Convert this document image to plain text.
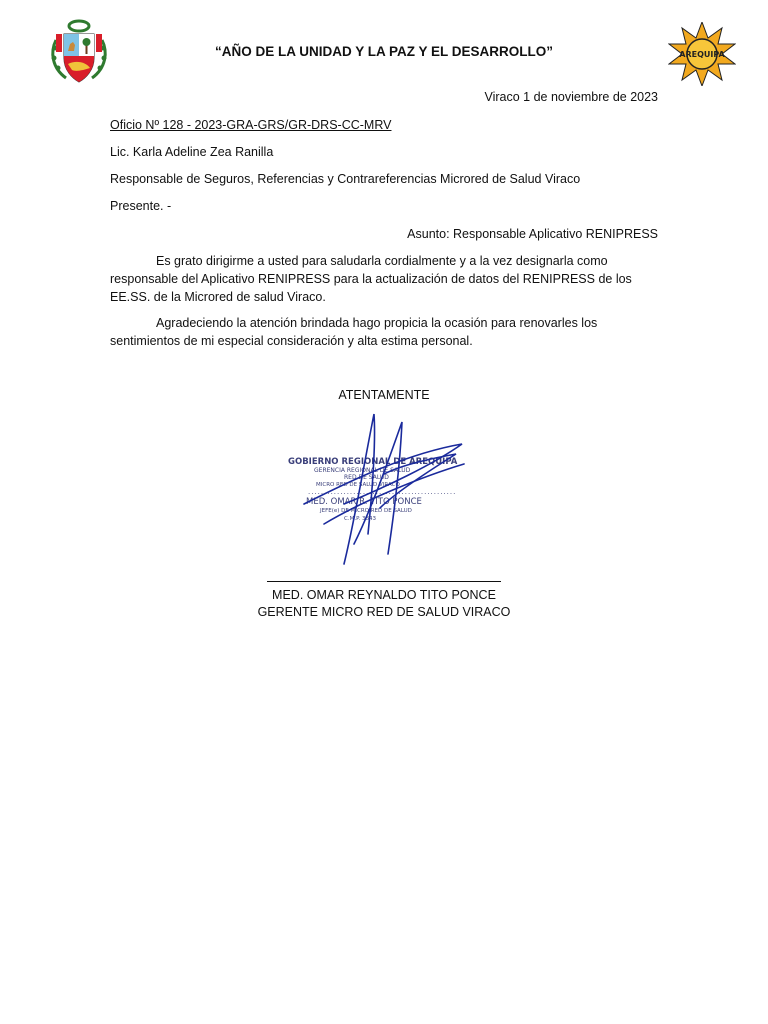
“AÑO DE LA UNIDAD Y LA PAZ Y EL DESARROLLO”	AREQUIPA
Viraco 1 de noviembre de 2023
Oficio Nº 128 - 2023-GRA-GRS/GR-DRS-CC-MRV
Lic. Karla Adeline Zea Ranilla
Responsable de Seguros, Referencias y Contrareferencias Microred de Salud Viraco
Presente. -
Asunto: Responsable Aplicativo RENIPRESS
Es grato dirigirme a usted para saludarla cordialmente y a la vez designarla como responsable del Aplicativo RENIPRESS para la actualización de datos del RENIPRESS de los EE.SS. de la Microred de salud Viraco.
Agradeciendo la atención brindada hago propicia la ocasión para renovarles los sentimientos de mi especial consideración y alta estima personal.
ATENTAMENTE
GOBIERNO REGIONAL DE AREQUIPA
GERENCIA REGIONAL DE SALUD
RED DE SALUD
MICRO RED DE SALUD VIRACO
..............................................
MED. OMAR R. TITO PONCE
JEFE(e) DE MICRO RED DE SALUD
C.M.P. 3843
MED. OMAR REYNALDO TITO PONCE
GERENTE MICRO RED DE SALUD VIRACO
